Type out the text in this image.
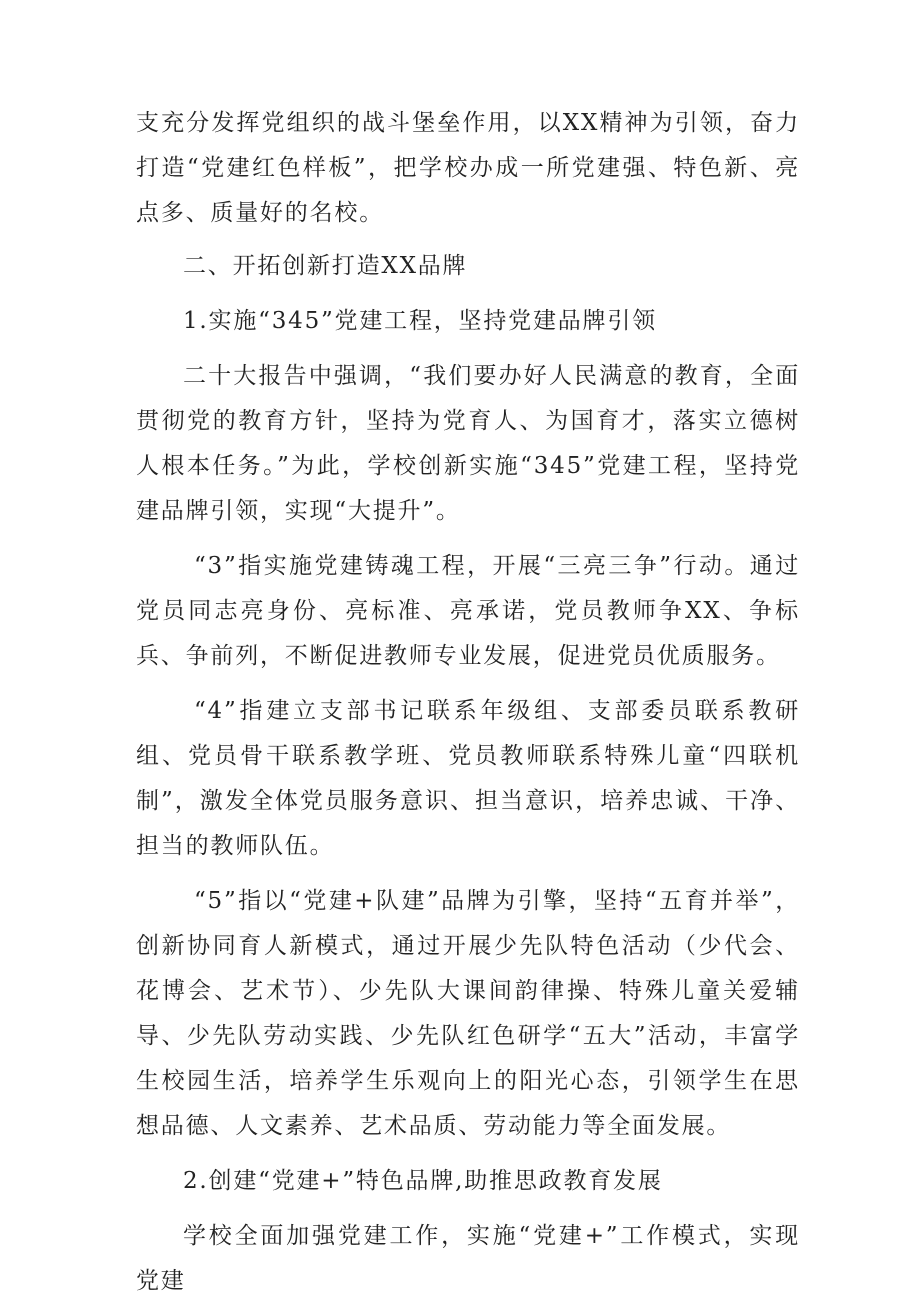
支充分发挥党组织的战斗堡垒作用，以XX精神为引领，奋力打造“党建红色样板”，把学校办成一所党建强、特色新、亮点多、质量好的名校。

二、开拓创新打造XX品牌

1.实施“345”党建工程，坚持党建品牌引领

二十大报告中强调，“我们要办好人民满意的教育，全面贯彻党的教育方针，坚持为党育人、为国育才，落实立德树人根本任务。”为此，学校创新实施“345”党建工程，坚持党建品牌引领，实现“大提升”。

“3”指实施党建铸魂工程，开展“三亮三争”行动。通过党员同志亮身份、亮标准、亮承诺，党员教师争XX、争标兵、争前列，不断促进教师专业发展，促进党员优质服务。

“4”指建立支部书记联系年级组、支部委员联系教研组、党员骨干联系教学班、党员教师联系特殊儿童“四联机制”，激发全体党员服务意识、担当意识，培养忠诚、干净、担当的教师队伍。

“5”指以“党建+队建”品牌为引擎，坚持“五育并举”，创新协同育人新模式，通过开展少先队特色活动（少代会、花博会、艺术节）、少先队大课间韵律操、特殊儿童关爱辅导、少先队劳动实践、少先队红色研学“五大”活动，丰富学生校园生活，培养学生乐观向上的阳光心态，引领学生在思想品德、人文素养、艺术品质、劳动能力等全面发展。

2.创建“党建+”特色品牌,助推思政教育发展

学校全面加强党建工作，实施“党建+”工作模式，实现党建
